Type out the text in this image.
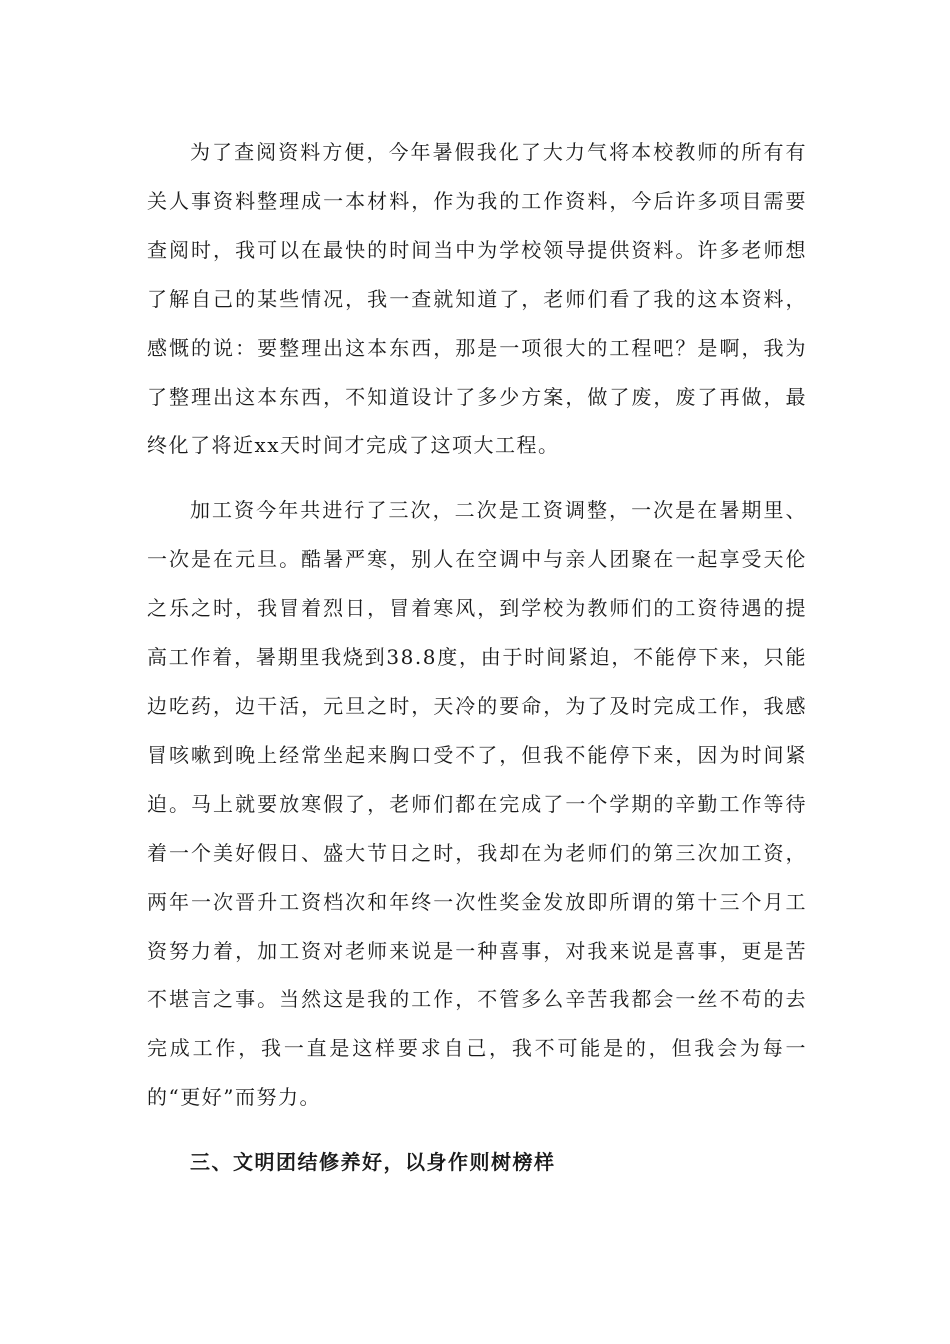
为了查阅资料方便，今年暑假我化了大力气将本校教师的所有有关人事资料整理成一本材料，作为我的工作资料，今后许多项目需要查阅时，我可以在最快的时间当中为学校领导提供资料。许多老师想了解自己的某些情况，我一查就知道了，老师们看了我的这本资料，感慨的说：要整理出这本东西，那是一项很大的工程吧？是啊，我为了整理出这本东西，不知道设计了多少方案，做了废，废了再做，最终化了将近xx天时间才完成了这项大工程。

加工资今年共进行了三次，二次是工资调整，一次是在暑期里、一次是在元旦。酷暑严寒，别人在空调中与亲人团聚在一起享受天伦之乐之时，我冒着烈日，冒着寒风，到学校为教师们的工资待遇的提高工作着，暑期里我烧到38.8度，由于时间紧迫，不能停下来，只能边吃药，边干活，元旦之时，天冷的要命，为了及时完成工作，我感冒咳嗽到晚上经常坐起来胸口受不了，但我不能停下来，因为时间紧迫。马上就要放寒假了，老师们都在完成了一个学期的辛勤工作等待着一个美好假日、盛大节日之时，我却在为老师们的第三次加工资，两年一次晋升工资档次和年终一次性奖金发放即所谓的第十三个月工资努力着，加工资对老师来说是一种喜事，对我来说是喜事，更是苦不堪言之事。当然这是我的工作，不管多么辛苦我都会一丝不苟的去完成工作，我一直是这样要求自己，我不可能是的，但我会为每一的“更好”而努力。

三、文明团结修养好，以身作则树榜样
